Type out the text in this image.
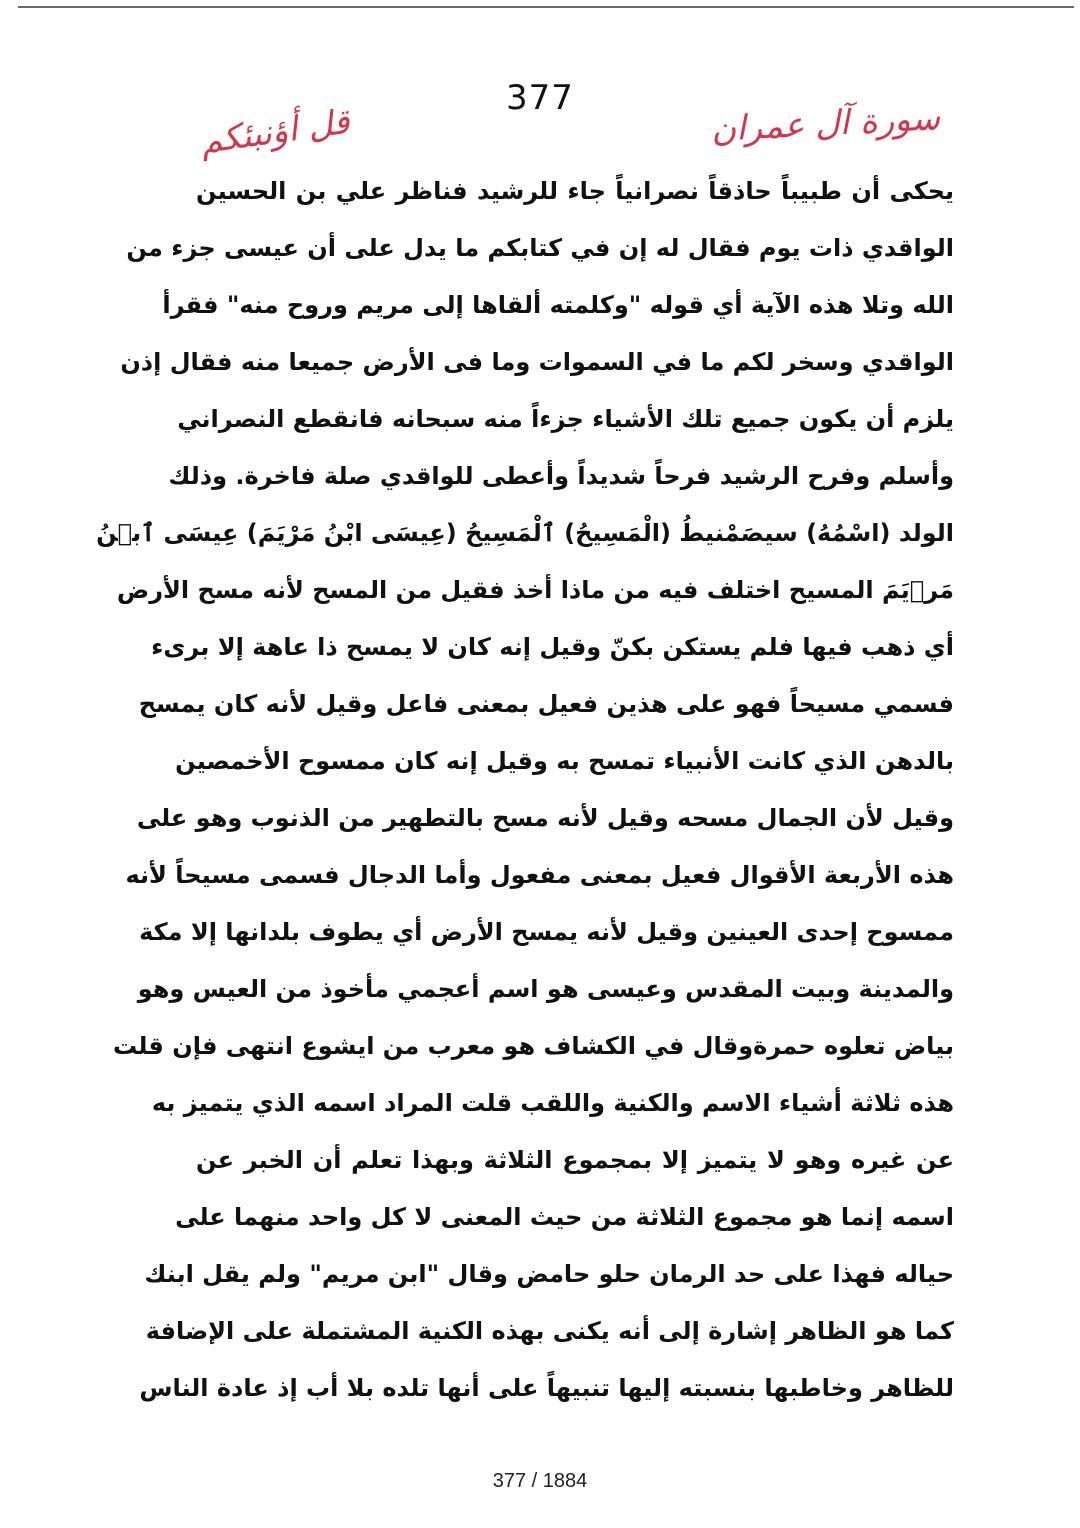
377
سورة آل عمران
قل أؤنبئكم
يحكى أن طبيباً حاذقاً نصرانياً جاء للرشيد فناظر علي بن الحسين
الواقدي ذات يوم فقال له إن في كتابكم ما يدل على أن عيسى جزء من
الله وتلا هذه الآية أي قوله "وكلمته ألقاها إلى مريم وروح منه" فقرأ
الواقدي وسخر لكم ما في السموات وما فى الأرض جميعا منه فقال إذن
يلزم أن يكون جميع تلك الأشياء جزءاً منه سبحانه فانقطع النصراني
وأسلم وفرح الرشيد فرحاً شديداً وأعطى للواقدي صلة فاخرة. وذلك
الولد (اسْمُهُ) سيصَمْنيطُ (الْمَسِيحُ) ٱلْمَسِيحُ (عِيسَى ابْنُ مَرْيَمَ) عِيسَى ٱبۡنُ
مَرۡيَمَ المسيح اختلف فيه من ماذا أخذ فقيل من المسح لأنه مسح الأرض
أي ذهب فيها فلم يستكن بكنّ وقيل إنه كان لا يمسح ذا عاهة إلا برىء
فسمي مسيحاً فهو على هذين فعيل بمعنى فاعل وقيل لأنه كان يمسح
بالدهن الذي كانت الأنبياء تمسح به وقيل إنه كان ممسوح الأخمصين
وقيل لأن الجمال مسحه وقيل لأنه مسح بالتطهير من الذنوب وهو على
هذه الأربعة الأقوال فعيل بمعنى مفعول وأما الدجال فسمى مسيحاً لأنه
ممسوح إحدى العينين وقيل لأنه يمسح الأرض أي يطوف بلدانها إلا مكة
والمدينة وبيت المقدس وعيسى هو اسم أعجمي مأخوذ من العيس وهو
بياض تعلوه حمرةوقال في الكشاف هو معرب من ايشوع انتهى فإن قلت
هذه ثلاثة أشياء الاسم والكنية واللقب قلت المراد اسمه الذي يتميز به
عن غيره وهو لا يتميز إلا بمجموع الثلاثة وبهذا تعلم أن الخبر عن
اسمه إنما هو مجموع الثلاثة من حيث المعنى لا كل واحد منهما على
حياله فهذا على حد الرمان حلو حامض وقال "ابن مريم" ولم يقل ابنك
كما هو الظاهر إشارة إلى أنه يكنى بهذه الكنية المشتملة على الإضافة
للظاهر وخاطبها بنسبته إليها تنبيهاً على أنها تلده بلا أب إذ عادة الناس
377 / 1884
